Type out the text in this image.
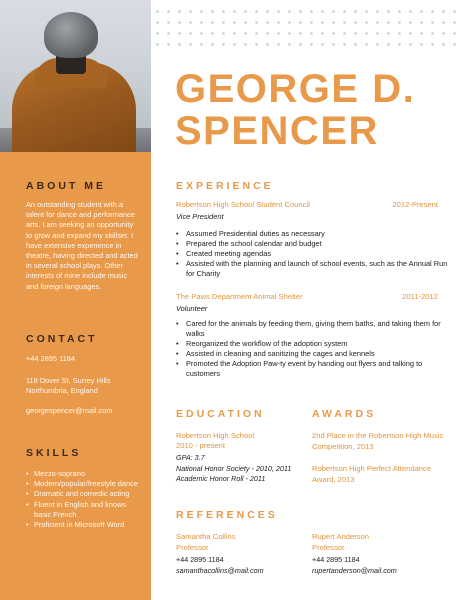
ABOUT ME
An outstanding student with a talent for dance and performance arts. I am seeking an opportunity to grow and expand my skillset. I have extensive experience in theatre, having directed and acted in several school plays. Other interests of mine include music and foreign languages.
CONTACT
+44 2895 1184
118 Dover St, Surrey Hills
Northumbria, England
georgespencer@mail.com
SKILLS
• Mezzo-soprano
• Modern/popular/freestyle dance
• Dramatic and comedic acting
• Fluent in English and knows basic French
• Proficient in Microsoft Word
GEORGE D.
SPENCER
EXPERIENCE
Robertson High School Student Council	2012-Present
Vice President
• Assumed Presidential duties as necessary
• Prepared the school calendar and budget
• Created meeting agendas
• Assisted with the planning and launch of school events, such as the Annual Run for Charity
The Paws Department Animal Shelter	2011-2012
Volunteer
• Cared for the animals by feeding them, giving them baths, and taking them for walks
• Reorganized the workflow of the adoption system
• Assisted in cleaning and sanitizing the cages and kennels
• Promoted the Adoption Paw-ty event by handing out flyers and talking to customers
EDUCATION
Robertson High School
2010 - present
GPA: 3.7
National Honor Society - 2010, 2011
Academic Honor Roll - 2011
AWARDS
2nd Place in the Robertson High Music Competition, 2013
Robertson High Perfect Attendance Award, 2013
REFERENCES
Samantha Collins
Professor
+44 2895 1184
samanthacollins@mail.com
Rupert Anderson
Professor
+44 2895 1184
rupertanderson@mail.com
